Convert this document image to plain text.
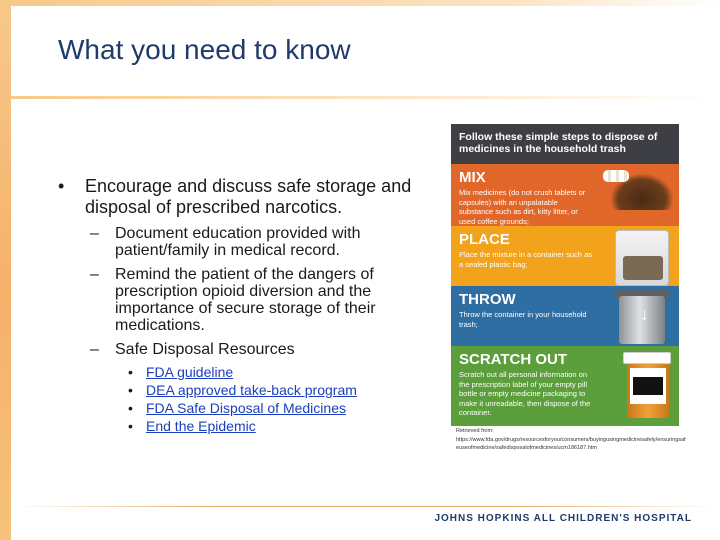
What you need to know
• Encourage and discuss safe storage and disposal of prescribed narcotics.
– Document education provided with patient/family in medical record.
– Remind the patient of the dangers of prescription opioid diversion and the importance of secure storage of their medications.
– Safe Disposal Resources
• FDA guideline
• DEA approved take-back program
• FDA Safe Disposal of Medicines
• End the Epidemic
Follow these simple steps to dispose of medicines in the household trash
MIX
Mix medicines (do not crush tablets or capsules) with an unpalatable substance such as dirt, kitty litter, or used coffee grounds;
PLACE
Place the mixture in a container such as a sealed plastic bag;
THROW
Throw the container in your household trash;
SCRATCH OUT
Scratch out all personal information on the prescription label of your empty pill bottle or empty medicine packaging to make it unreadable, then dispose of the container.
↓
Retrieved from:
https://www.fda.gov/drugs/resourcesforyou/consumers/buyingusingmedicinesafely/ensuringsafeuseofmedicine/safedisposalofmedicines/ucm186187.htm
JOHNS HOPKINS ALL CHILDREN'S HOSPITAL
